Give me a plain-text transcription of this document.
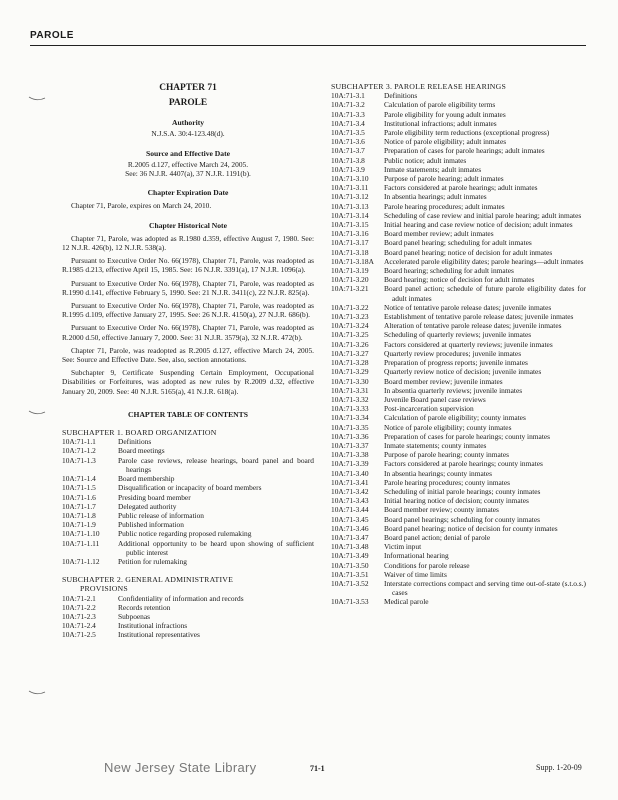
PAROLE
CHAPTER 71
PAROLE
Authority
N.J.S.A. 30:4-123.48(d).
Source and Effective Date
R.2005 d.127, effective March 24, 2005.
See: 36 N.J.R. 4407(a), 37 N.J.R. 1191(b).
Chapter Expiration Date
Chapter 71, Parole, expires on March 24, 2010.
Chapter Historical Note
Chapter 71, Parole, was adopted as R.1980 d.359, effective August 7, 1980. See: 12 N.J.R. 426(b), 12 N.J.R. 538(a).
Pursuant to Executive Order No. 66(1978), Chapter 71, Parole, was readopted as R.1985 d.213, effective April 15, 1985. See: 16 N.J.R. 3391(a), 17 N.J.R. 1096(a).
Pursuant to Executive Order No. 66(1978), Chapter 71, Parole, was readopted as R.1990 d.141, effective February 5, 1990. See: 21 N.J.R. 3411(c), 22 N.J.R. 825(a).
Pursuant to Executive Order No. 66(1978), Chapter 71, Parole, was readopted as R.1995 d.109, effective January 27, 1995. See: 26 N.J.R. 4150(a), 27 N.J.R. 686(b).
Pursuant to Executive Order No. 66(1978), Chapter 71, Parole, was readopted as R.2000 d.50, effective January 7, 2000. See: 31 N.J.R. 3579(a), 32 N.J.R. 472(b).
Chapter 71, Parole, was readopted as R.2005 d.127, effective March 24, 2005. See: Source and Effective Date. See, also, section annotations.
Subchapter 9, Certificate Suspending Certain Employment, Occupational Disabilities or Forfeitures, was adopted as new rules by R.2009 d.32, effective January 20, 2009. See: 40 N.J.R. 5165(a), 41 N.J.R. 618(a).
CHAPTER TABLE OF CONTENTS
SUBCHAPTER 1. BOARD ORGANIZATION
10A:71-1.1	Definitions
10A:71-1.2	Board meetings
10A:71-1.3	Parole case reviews, release hearings, board panel and board hearings
10A:71-1.4	Board membership
10A:71-1.5	Disqualification or incapacity of board members
10A:71-1.6	Presiding board member
10A:71-1.7	Delegated authority
10A:71-1.8	Public release of information
10A:71-1.9	Published information
10A:71-1.10	Public notice regarding proposed rulemaking
10A:71-1.11	Additional opportunity to be heard upon showing of sufficient public interest
10A:71-1.12	Petition for rulemaking
SUBCHAPTER 2. GENERAL ADMINISTRATIVE
PROVISIONS
10A:71-2.1	Confidentiality of information and records
10A:71-2.2	Records retention
10A:71-2.3	Subpoenas
10A:71-2.4	Institutional infractions
10A:71-2.5	Institutional representatives
SUBCHAPTER 3. PAROLE RELEASE HEARINGS
10A:71-3.1	Definitions
10A:71-3.2	Calculation of parole eligibility terms
10A:71-3.3	Parole eligibility for young adult inmates
10A:71-3.4	Institutional infractions; adult inmates
10A:71-3.5	Parole eligibility term reductions (exceptional progress)
10A:71-3.6	Notice of parole eligibility; adult inmates
10A:71-3.7	Preparation of cases for parole hearings; adult inmates
10A:71-3.8	Public notice; adult inmates
10A:71-3.9	Inmate statements; adult inmates
10A:71-3.10	Purpose of parole hearing; adult inmates
10A:71-3.11	Factors considered at parole hearings; adult inmates
10A:71-3.12	In absentia hearings; adult inmates
10A:71-3.13	Parole hearing procedures; adult inmates
10A:71-3.14	Scheduling of case review and initial parole hearing; adult inmates
10A:71-3.15	Initial hearing and case review notice of decision; adult inmates
10A:71-3.16	Board member review; adult inmates
10A:71-3.17	Board panel hearing; scheduling for adult inmates
10A:71-3.18	Board panel hearing; notice of decision for adult inmates
10A:71-3.18A	Accelerated parole eligibility dates; parole hearings—adult inmates
10A:71-3.19	Board hearing; scheduling for adult inmates
10A:71-3.20	Board hearing; notice of decision for adult inmates
10A:71-3.21	Board panel action; schedule of future parole eligibility dates for adult inmates
10A:71-3.22	Notice of tentative parole release dates; juvenile inmates
10A:71-3.23	Establishment of tentative parole release dates; juvenile inmates
10A:71-3.24	Alteration of tentative parole release dates; juvenile inmates
10A:71-3.25	Scheduling of quarterly reviews; juvenile inmates
10A:71-3.26	Factors considered at quarterly reviews; juvenile inmates
10A:71-3.27	Quarterly review procedures; juvenile inmates
10A:71-3.28	Preparation of progress reports; juvenile inmates
10A:71-3.29	Quarterly review notice of decision; juvenile inmates
10A:71-3.30	Board member review; juvenile inmates
10A:71-3.31	In absentia quarterly reviews; juvenile inmates
10A:71-3.32	Juvenile Board panel case reviews
10A:71-3.33	Post-incarceration supervision
10A:71-3.34	Calculation of parole eligibility; county inmates
10A:71-3.35	Notice of parole eligibility; county inmates
10A:71-3.36	Preparation of cases for parole hearings; county inmates
10A:71-3.37	Inmate statements; county inmates
10A:71-3.38	Purpose of parole hearing; county inmates
10A:71-3.39	Factors considered at parole hearings; county inmates
10A:71-3.40	In absentia hearings; county inmates
10A:71-3.41	Parole hearing procedures; county inmates
10A:71-3.42	Scheduling of initial parole hearings; county inmates
10A:71-3.43	Initial hearing notice of decision; county inmates
10A:71-3.44	Board member review; county inmates
10A:71-3.45	Board panel hearings; scheduling for county inmates
10A:71-3.46	Board panel hearing; notice of decision for county inmates
10A:71-3.47	Board panel action; denial of parole
10A:71-3.48	Victim input
10A:71-3.49	Informational hearing
10A:71-3.50	Conditions for parole release
10A:71-3.51	Waiver of time limits
10A:71-3.52	Interstate corrections compact and serving time out-of-state (s.t.o.s.) cases
10A:71-3.53	Medical parole
New Jersey State Library	71-1	Supp. 1-20-09
